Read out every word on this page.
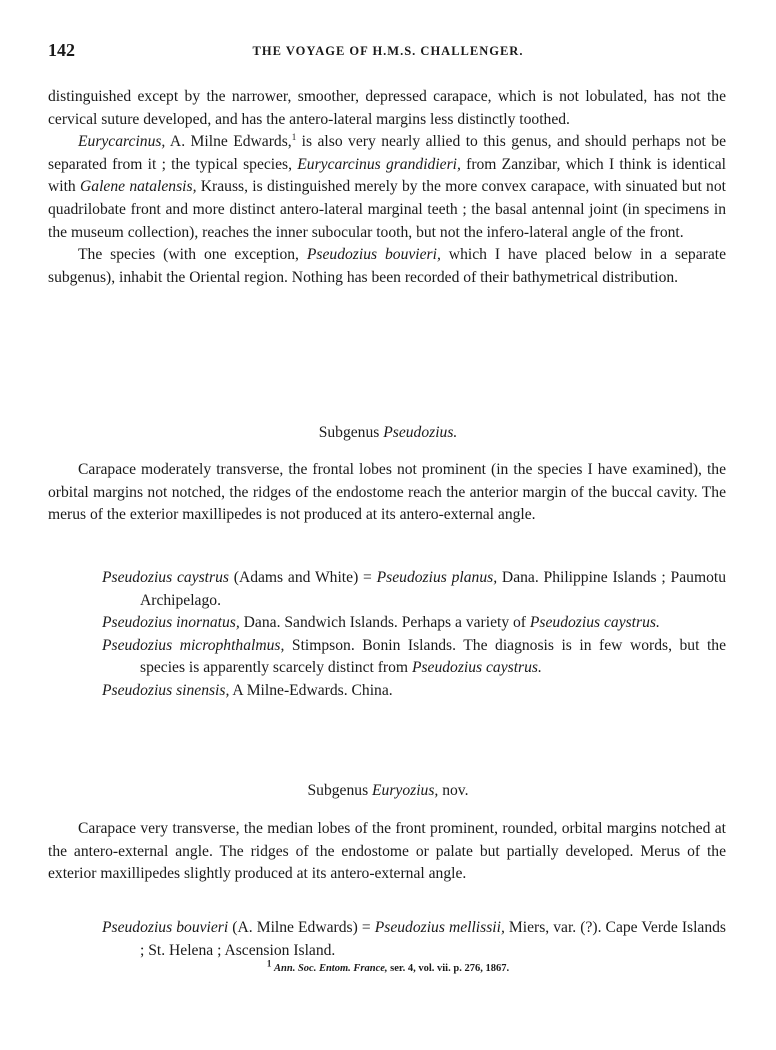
142	THE VOYAGE OF H.M.S. CHALLENGER.

distinguished except by the narrower, smoother, depressed carapace, which is not lobulated, has not the cervical suture developed, and has the antero-lateral margins less distinctly toothed.

Eurycarcinus, A. Milne Edwards,$^1$ is also very nearly allied to this genus, and should perhaps not be separated from it ; the typical species, Eurycarcinus grandidieri, from Zanzibar, which I think is identical with Galene natalensis, Krauss, is distinguished merely by the more convex carapace, with sinuated but not quadrilobate front and more distinct antero-lateral marginal teeth ; the basal antennal joint (in specimens in the museum collection), reaches the inner subocular tooth, but not the infero-lateral angle of the front.

The species (with one exception, Pseudozius bouvieri, which I have placed below in a separate subgenus), inhabit the Oriental region. Nothing has been recorded of their bathymetrical distribution.

Subgenus Pseudozius.

Carapace moderately transverse, the frontal lobes not prominent (in the species I have examined), the orbital margins not notched, the ridges of the endostome reach the anterior margin of the buccal cavity. The merus of the exterior maxillipedes is not produced at its antero-external angle.

Pseudozius caystrus (Adams and White) = Pseudozius planus, Dana. Philippine Islands ; Paumotu Archipelago.

Pseudozius inornatus, Dana. Sandwich Islands. Perhaps a variety of Pseudozius caystrus.

Pseudozius microphthalmus, Stimpson. Bonin Islands. The diagnosis is in few words, but the species is apparently scarcely distinct from Pseudozius caystrus.

Pseudozius sinensis, A Milne-Edwards. China.

Subgenus Euryozius, nov.

Carapace very transverse, the median lobes of the front prominent, rounded, orbital margins notched at the antero-external angle. The ridges of the endostome or palate but partially developed. Merus of the exterior maxillipedes slightly produced at its antero-external angle.

Pseudozius bouvieri (A. Milne Edwards) = Pseudozius mellissii, Miers, var. (?). Cape Verde Islands ; St. Helena ; Ascension Island.

$^1$ Ann. Soc. Entom. France, ser. 4, vol. vii. p. 276, 1867.
